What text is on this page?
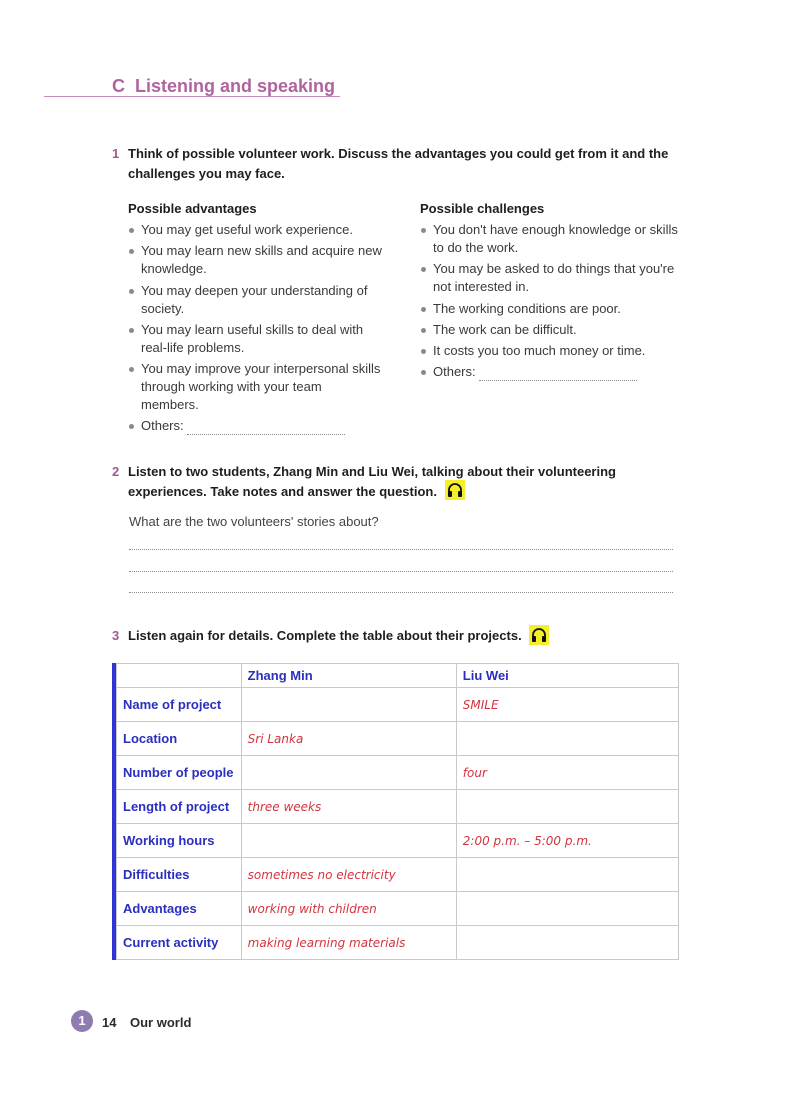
C Listening and speaking
1 Think of possible volunteer work. Discuss the advantages you could get from it and the challenges you may face.
Possible advantages
You may get useful work experience.
You may learn new skills and acquire new knowledge.
You may deepen your understanding of society.
You may learn useful skills to deal with real-life problems.
You may improve your interpersonal skills through working with your team members.
Others:
Possible challenges
You don't have enough knowledge or skills to do the work.
You may be asked to do things that you're not interested in.
The working conditions are poor.
The work can be difficult.
It costs you too much money or time.
Others:
2 Listen to two students, Zhang Min and Liu Wei, talking about their volunteering experiences. Take notes and answer the question.
What are the two volunteers' stories about?
3 Listen again for details. Complete the table about their projects.
	Zhang Min	Liu Wei
Name of project		SMILE
Location	Sri Lanka	
Number of people		four
Length of project	three weeks	
Working hours		2:00 p.m. – 5:00 p.m.
Difficulties	sometimes no electricity	
Advantages	working with children	
Current activity	making learning materials	
1	14 Our world
